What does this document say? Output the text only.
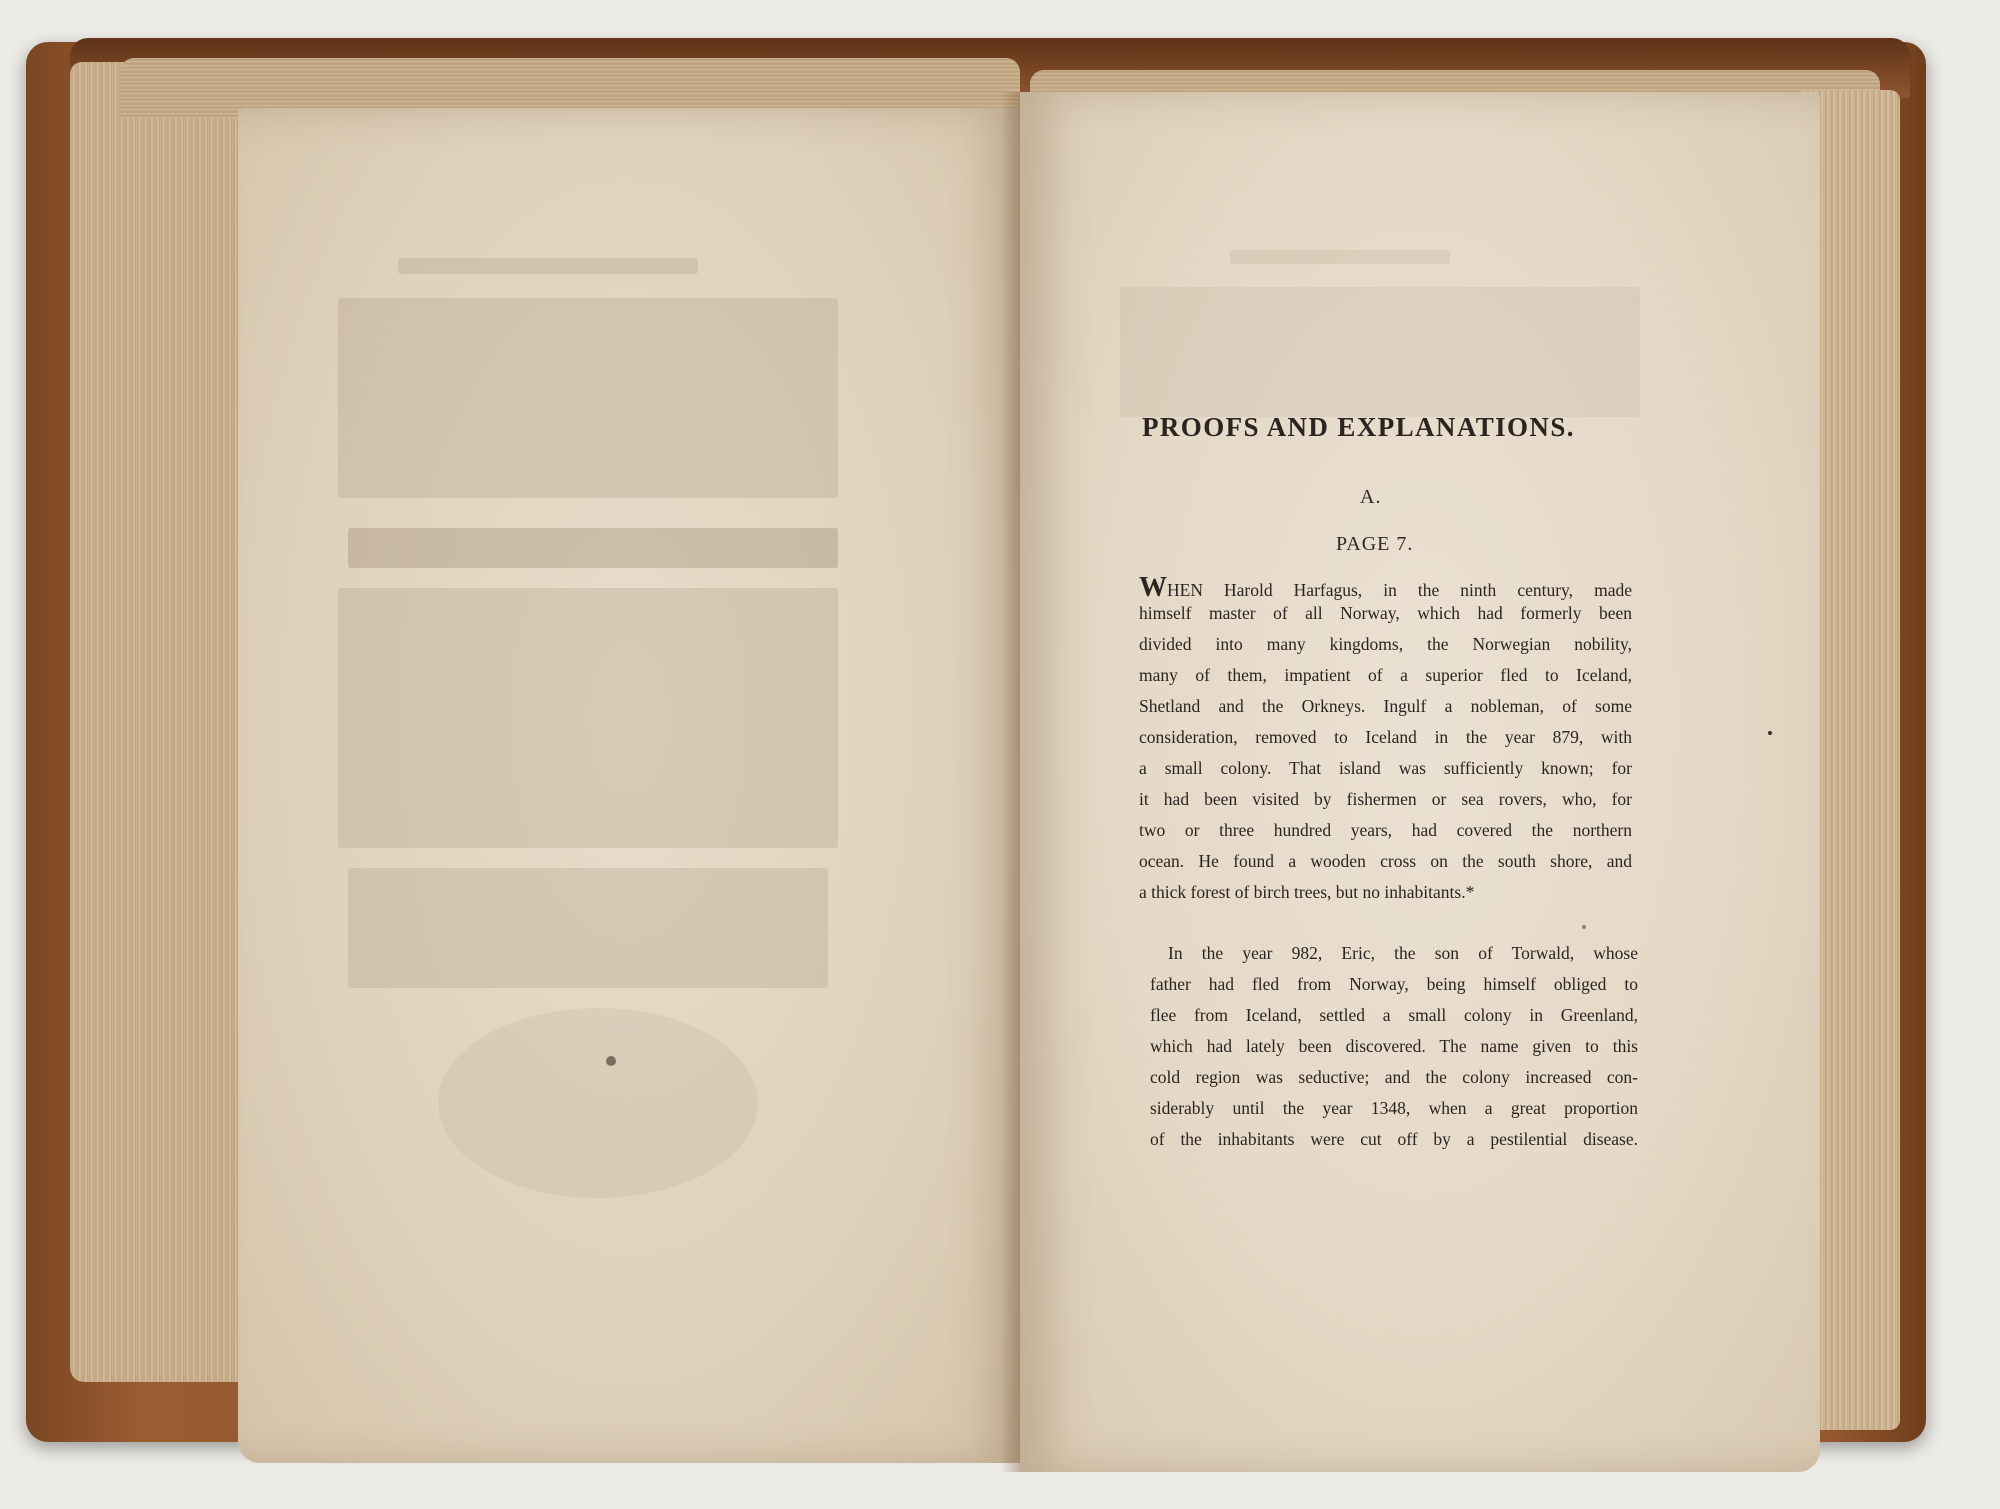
PROOFS AND EXPLANATIONS.
A.
PAGE 7.
WHEN Harold Harfagus, in the ninth century, made
himself master of all Norway, which had formerly been
divided into many kingdoms, the Norwegian nobility,
many of them, impatient of a superior fled to Iceland,
Shetland and the Orkneys. Ingulf a nobleman, of some
consideration, removed to Iceland in the year 879, with
a small colony. That island was sufficiently known; for
it had been visited by fishermen or sea rovers, who, for
two or three hundred years, had covered the northern
ocean. He found a wooden cross on the south shore, and
a thick forest of birch trees, but no inhabitants.*
In the year 982, Eric, the son of Torwald, whose
father had fled from Norway, being himself obliged to
flee from Iceland, settled a small colony in Greenland,
which had lately been discovered. The name given to this
cold region was seductive; and the colony increased con-
siderably until the year 1348, when a great proportion
of the inhabitants were cut off by a pestilential disease.
